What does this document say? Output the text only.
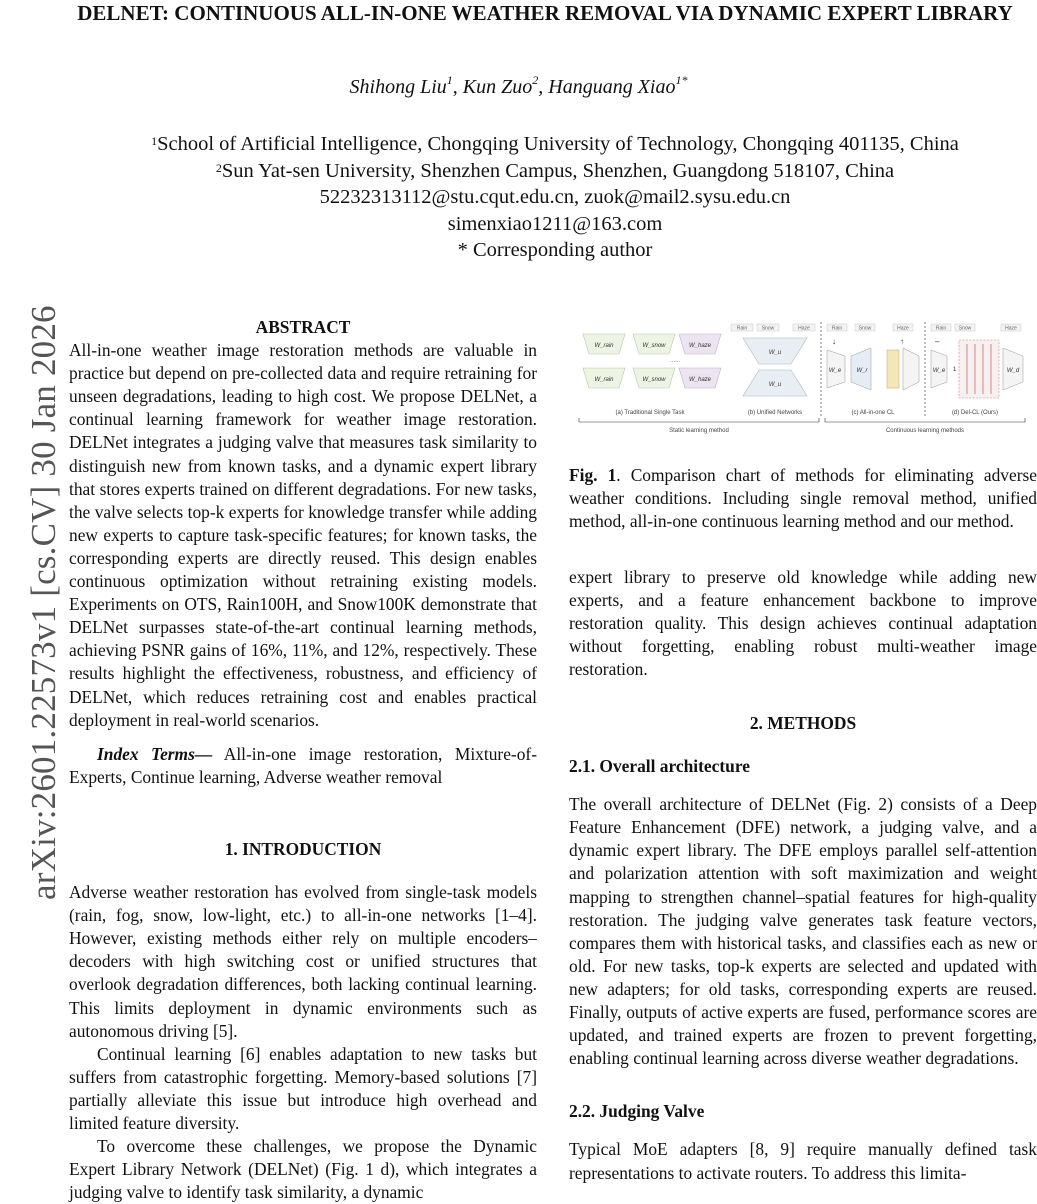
arXiv:2601.22573v1 [cs.CV] 30 Jan 2026
DELNET: CONTINUOUS ALL-IN-ONE WEATHER REMOVAL VIA DYNAMIC EXPERT LIBRARY
Shihong Liu$^1$, Kun Zuo$^2$, Hanguang Xiao$^{1*}$
$^1$School of Artificial Intelligence, Chongqing University of Technology, Chongqing 401135, China
$^2$Sun Yat-sen University, Shenzhen Campus, Shenzhen, Guangdong 518107, China
52232313112@stu.cqut.edu.cn, zuok@mail2.sysu.edu.cn
simenxiao1211@163.com
* Corresponding author
ABSTRACT

All-in-one weather image restoration methods are valuable in practice but depend on pre-collected data and require retraining for unseen degradations, leading to high cost. We propose DELNet, a continual learning framework for weather image restoration. DELNet integrates a judging valve that measures task similarity to distinguish new from known tasks, and a dynamic expert library that stores experts trained on different degradations. For new tasks, the valve selects top-k experts for knowledge transfer while adding new experts to capture task-specific features; for known tasks, the corresponding experts are directly reused. This design enables continuous optimization without retraining existing models. Experiments on OTS, Rain100H, and Snow100K demonstrate that DELNet surpasses state-of-the-art continual learning methods, achieving PSNR gains of 16%, 11%, and 12%, respectively. These results highlight the effectiveness, robustness, and efficiency of DELNet, which reduces retraining cost and enables practical deployment in real-world scenarios.

Index Terms— All-in-one image restoration, Mixture-of-Experts, Continue learning, Adverse weather removal

1. INTRODUCTION

Adverse weather restoration has evolved from single-task models (rain, fog, snow, low-light, etc.) to all-in-one networks [1–4]. However, existing methods either rely on multiple encoders–decoders with high switching cost or unified structures that overlook degradation differences, both lacking continual learning. This limits deployment in dynamic environments such as autonomous driving [5].

Continual learning [6] enables adaptation to new tasks but suffers from catastrophic forgetting. Memory-based solutions [7] partially alleviate this issue but introduce high overhead and limited feature diversity.

To overcome these challenges, we propose the Dynamic Expert Library Network (DELNet) (Fig. 1 d), which integrates a judging valve to identify task similarity, a dynamic

W_rain	W_snow	W_haze
W_rain	W_snow	W_haze
......
(a) Traditional Single Task
Rain	Snow	Haze
W_u
W_u
(b) Unified Networks
Rain	Snow	Haze
↓	↑
W_e	W_r
(c) All-in-one CL
Rain	Snow	Haze
–
1
W_e	W_d
(d) Del-CL (Ours)
Static learning method	Continuous learning methods

Fig. 1. Comparison chart of methods for eliminating adverse weather conditions. Including single removal method, unified method, all-in-one continuous learning method and our method.

expert library to preserve old knowledge while adding new experts, and a feature enhancement backbone to improve restoration quality. This design achieves continual adaptation without forgetting, enabling robust multi-weather image restoration.

2. METHODS
2.1. Overall architecture

The overall architecture of DELNet (Fig. 2) consists of a Deep Feature Enhancement (DFE) network, a judging valve, and a dynamic expert library. The DFE employs parallel self-attention and polarization attention with soft maximization and weight mapping to strengthen channel–spatial features for high-quality restoration. The judging valve generates task feature vectors, compares them with historical tasks, and classifies each as new or old. For new tasks, top-k experts are selected and updated with new adapters; for old tasks, corresponding experts are reused. Finally, outputs of active experts are fused, performance scores are updated, and trained experts are frozen to prevent forgetting, enabling continual learning across diverse weather degradations.

2.2. Judging Valve

Typical MoE adapters [8, 9] require manually defined task representations to activate routers. To address this limita-
